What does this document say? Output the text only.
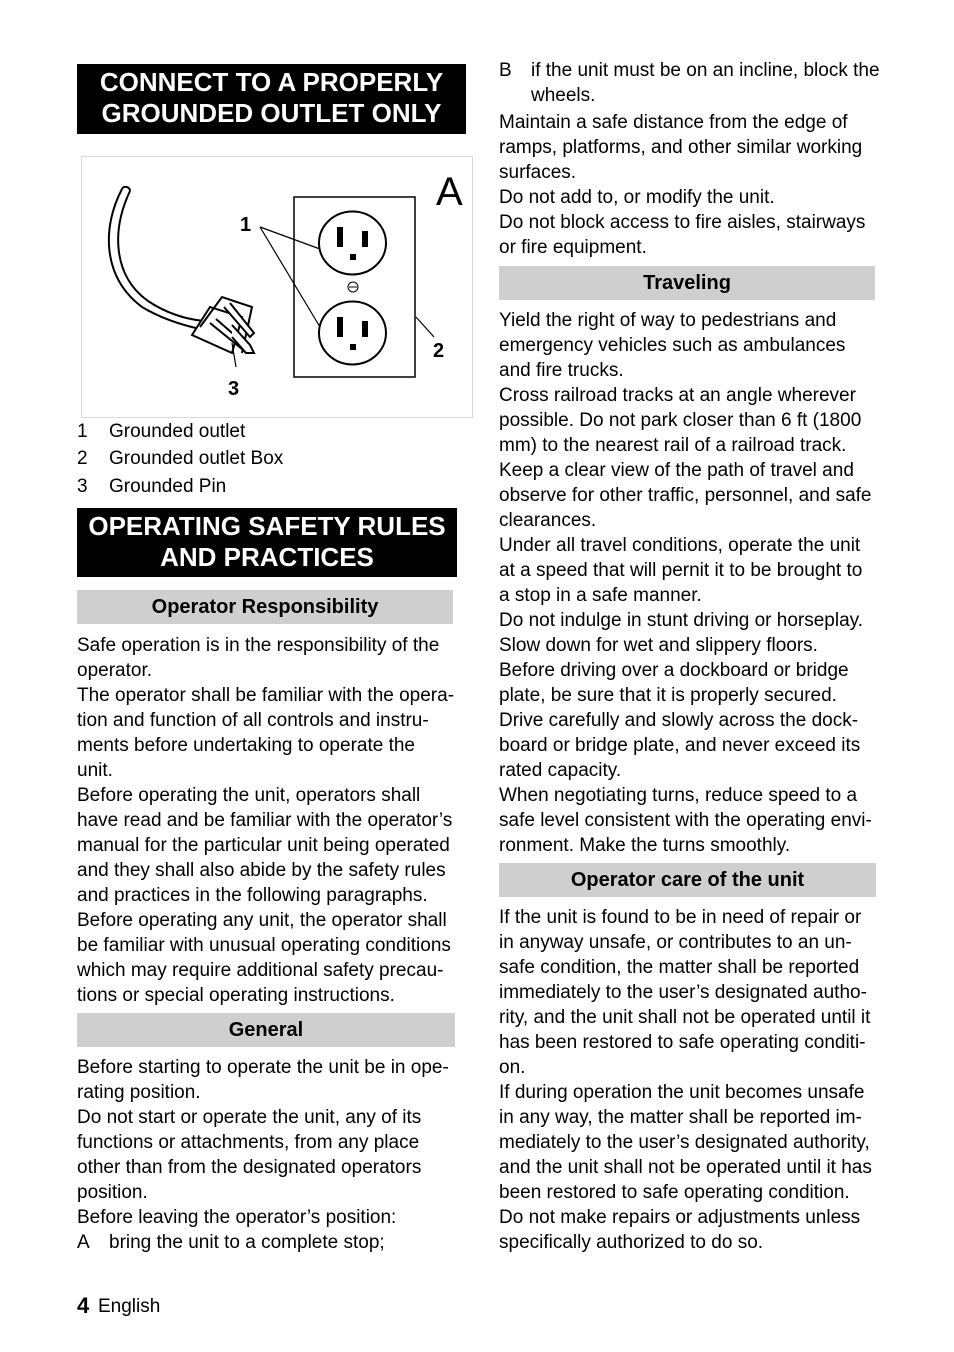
CONNECT TO A PROPERLY
GROUNDED OUTLET ONLY
A
1
2
3
1 Grounded outlet
2 Grounded outlet Box
3 Grounded Pin
OPERATING SAFETY RULES
AND PRACTICES
Operator Responsibility

Safe operation is in the responsibility of the

operator.

The operator shall be familiar with the opera-

tion and function of all controls and instru-

ments before undertaking to operate the

unit.

Before operating the unit, operators shall

have read and be familiar with the operator’s

manual for the particular unit being operated

and they shall also abide by the safety rules

and practices in the following paragraphs.

Before operating any unit, the operator shall

be familiar with unusual operating conditions

which may require additional safety precau-

tions or special operating instructions.

General

Before starting to operate the unit be in ope-

rating position.

Do not start or operate the unit, any of its

functions or attachments, from any place

other than from the designated operators

position.

Before leaving the operator’s position:

A bring the unit to a complete stop;
B if the unit must be on an incline, block the
wheels.

Maintain a safe distance from the edge of

ramps, platforms, and other similar working

surfaces.

Do not add to, or modify the unit.

Do not block access to fire aisles, stairways

or fire equipment.

Traveling

Yield the right of way to pedestrians and

emergency vehicles such as ambulances

and fire trucks.

Cross railroad tracks at an angle wherever

possible. Do not park closer than 6 ft (1800

mm) to the nearest rail of a railroad track.

Keep a clear view of the path of travel and

observe for other traffic, personnel, and safe

clearances.

Under all travel conditions, operate the unit

at a speed that will pernit it to be brought to

a stop in a safe manner.

Do not indulge in stunt driving or horseplay.

Slow down for wet and slippery floors.

Before driving over a dockboard or bridge

plate, be sure that it is properly secured.

Drive carefully and slowly across the dock-

board or bridge plate, and never exceed its

rated capacity.

When negotiating turns, reduce speed to a

safe level consistent with the operating envi-

ronment. Make the turns smoothly.

Operator care of the unit

If the unit is found to be in need of repair or

in anyway unsafe, or contributes to an un-

safe condition, the matter shall be reported

immediately to the user’s designated autho-

rity, and the unit shall not be operated until it

has been restored to safe operating conditi-

on.

If during operation the unit becomes unsafe

in any way, the matter shall be reported im-

mediately to the user’s designated authority,

and the unit shall not be operated until it has

been restored to safe operating condition.

Do not make repairs or adjustments unless

specifically authorized to do so.

4 English
